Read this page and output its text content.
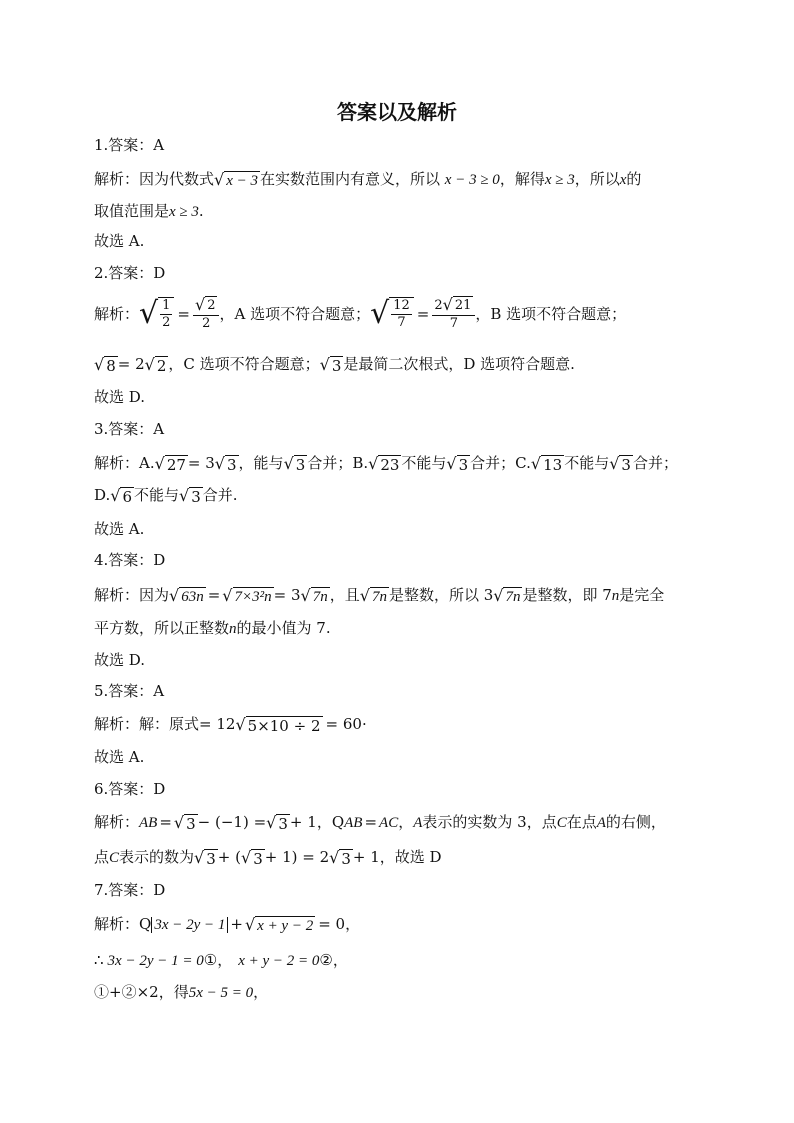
答案以及解析
1.答案：A
解析：因为代数式 √ x − 3 在实数范围内有意义，所以 x − 3 ≥ 0，解得x ≥ 3，所以x的
取值范围是x ≥ 3.
故选 A.
2.答案：D
解析： √ $\frac{1}{2} = \frac{√ 2}{2}$ ，A 选项不符合题意； √ $\frac{12}{7} = \frac{2 √ 21}{7}$ ，B 选项不符合题意；
√ 8 = 2 √ 2 ，C 选项不符合题意； √ 3 是最简二次根式，D 选项符合题意.
故选 D.
3.答案：A
解析：A. √ 27 = 3 √ 3 ，能与 √ 3 合并；B. √ 23 不能与 √ 3 合并；C. √ 13 不能与 √ 3 合并；
D. √ 6 不能与 √ 3 合并.
故选 A.
4.答案：D
解析：因为 √ 63n = √ 7×3²n = 3 √ 7n ，且 √ 7n 是整数，所以 3 √ 7n 是整数，即 7n是完全
平方数，所以正整数n的最小值为 7.
故选 D.
5.答案：A
解析：解：原式= 12 √ 5×10 ÷ 2 = 60·
故选 A.
6.答案：D
解析：AB = √ 3 − (−1) = √ 3 + 1，QAB = AC，A表示的实数为 3，点C在点A的右侧，
点C表示的数为 √ 3 + ( √ 3 + 1) = 2 √ 3 + 1，故选 D
7.答案：D
解析：Q 3x − 2y − 1 + √ x + y − 2 = 0，
∴ 3x − 2y − 1 = 0①， x + y − 2 = 0②，
①+②×2，得5x − 5 = 0，
